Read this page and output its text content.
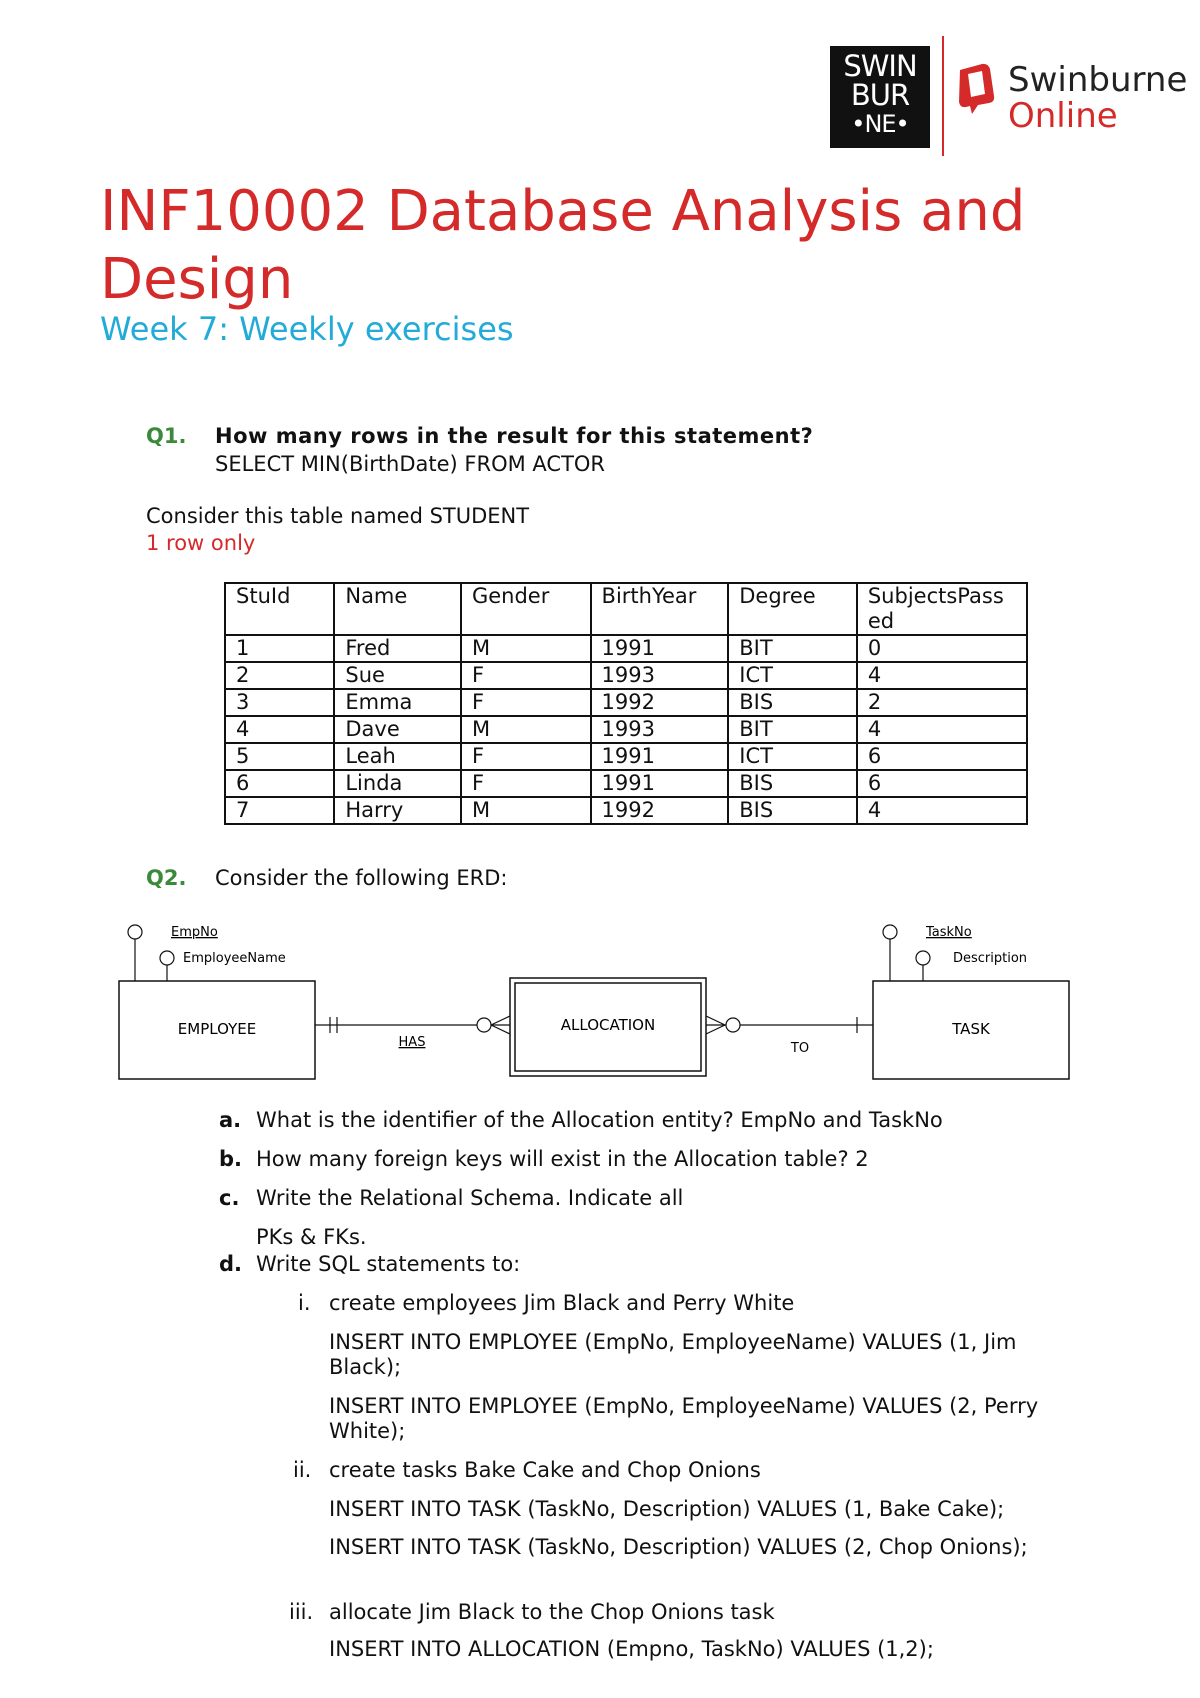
SWIN
BUR
•NE•
Swinburne
Online
INF10002 Database Analysis and Design
Week 7: Weekly exercises
Q1. How many rows in the result for this statement?
SELECT MIN(BirthDate) FROM ACTOR
Consider this table named STUDENT
1 row only
StuId	Name	Gender	BirthYear	Degree	SubjectsPassed
1	Fred	M	1991	BIT	0
2	Sue	F	1993	ICT	4
3	Emma	F	1992	BIS	2
4	Dave	M	1993	BIT	4
5	Leah	F	1991	ICT	6
6	Linda	F	1991	BIS	6
7	Harry	M	1992	BIS	4
Q2. Consider the following ERD:
EMPLOYEE
EmpNo
EmployeeName
HAS
ALLOCATION
TO
TASK
TaskNo
Description
a. What is the identifier of the Allocation entity? EmpNo and TaskNo
b. How many foreign keys will exist in the Allocation table? 2
c. Write the Relational Schema. Indicate all
PKs & FKs.
d. Write SQL statements to:
i. create employees Jim Black and Perry White
INSERT INTO EMPLOYEE (EmpNo, EmployeeName) VALUES (1, Jim
Black);
INSERT INTO EMPLOYEE (EmpNo, EmployeeName) VALUES (2, Perry
White);
ii. create tasks Bake Cake and Chop Onions
INSERT INTO TASK (TaskNo, Description) VALUES (1, Bake Cake);
INSERT INTO TASK (TaskNo, Description) VALUES (2, Chop Onions);
iii. allocate Jim Black to the Chop Onions task
INSERT INTO ALLOCATION (Empno, TaskNo) VALUES (1,2);
